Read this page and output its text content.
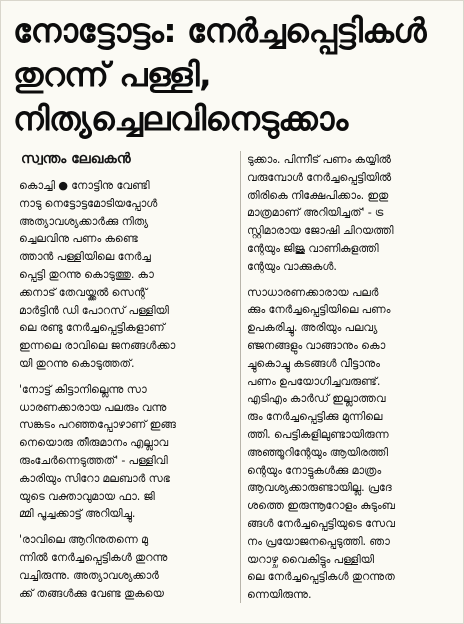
നോട്ടോട്ടം: നേർച്ചപ്പെട്ടികൾ
തുറന്ന് പള്ളി,
നിത്യച്ചെലവിനെടുക്കാം
സ്വന്തം ലേഖകൻ

കൊച്ചി ● നോട്ടിനു വേണ്ടി
നാടു നെട്ടോട്ടമോടിയപ്പോൾ
അത്യാവശ്യക്കാർക്കു നിത്യ
ച്ചെലവിനു പണം കണ്ടെ
ത്താൻ പള്ളിയിലെ നേർച്ച
പ്പെട്ടി തുറന്നു കൊടുത്തു. കാ
ക്കനാട് തേവയ്ക്കൽ സെന്റ്
മാർട്ടിൻ ഡി പോറസ് പള്ളിയി
ലെ രണ്ടു നേർച്ചപ്പെട്ടികളാണ്
ഇന്നലെ രാവിലെ ജനങ്ങൾക്കാ
യി തുറന്നു കൊടുത്തത്.

'നോട്ട് കിട്ടാനില്ലെന്നു സാ
ധാരണക്കാരായ പലരും വന്നു
സങ്കടം പറഞ്ഞപ്പോഴാണ് ഇങ്ങ
നെയൊരു തീരുമാനം എല്ലാവ
രുംചേർന്നെടുത്തത്' - പള്ളിവി
കാരിയും സിറോ മലബാർ സഭ
യുടെ വക്താവുമായ ഫാ. ജി
മ്മി പൂച്ചക്കാട്ട് അറിയിച്ചു.

'രാവിലെ ആറിനുതന്നെ മു
ന്നിൽ നേർച്ചപ്പെട്ടികൾ തുറന്നു
വച്ചിരുന്നു. അത്യാവശ്യക്കാർ
ക്ക് തങ്ങൾക്കു വേണ്ട തുകയെ

ടുക്കാം. പിന്നീട് പണം കയ്യിൽ
വരുമ്പോൾ നേർച്ചപ്പെട്ടിയിൽ
തിരികെ നിക്ഷേപിക്കാം. ഇതു
മാത്രമാണ് അറിയിച്ചത്' - ട്ര
സ്റ്റിമാരായ ജോഷി ചിറയത്തി
ന്റേയും ജിജു വാണികുളത്തി
ന്റേയും വാക്കുകൾ.

സാധാരണക്കാരായ പലർ
ക്കും നേർച്ചപ്പെട്ടിയിലെ പണം
ഉപകരിച്ചു. അരിയും പലവ്യ
ഞ്ജനങ്ങളും വാങ്ങാനും കൊ
ച്ചുകൊച്ചു കടങ്ങൾ വീട്ടാനും
പണം ഉപയോഗിച്ചവരുണ്ട്.
എടിഎം കാർഡ് ഇല്ലാത്തവ
രും നേർച്ചപ്പെട്ടിക്കു മുന്നിലെ
ത്തി. പെട്ടികളിലുണ്ടായിരുന്ന
അഞ്ഞൂറിന്റേയും ആയിരത്തി
ന്റെയും നോട്ടുകൾക്കു മാത്രം
ആവശ്യക്കാരുണ്ടായില്ല. പ്രദേ
ശത്തെ ഇരുന്നൂറോളം കുടുംബ
ങ്ങൾ നേർച്ചപ്പെട്ടിയുടെ സേവ
നം പ്രയോജനപ്പെടുത്തി. ഞാ
യറാഴ്ച വൈകിട്ടും പള്ളിയി
ലെ നേർച്ചപ്പെട്ടികൾ തുറന്നുത
ന്നെയിരുന്നു.
